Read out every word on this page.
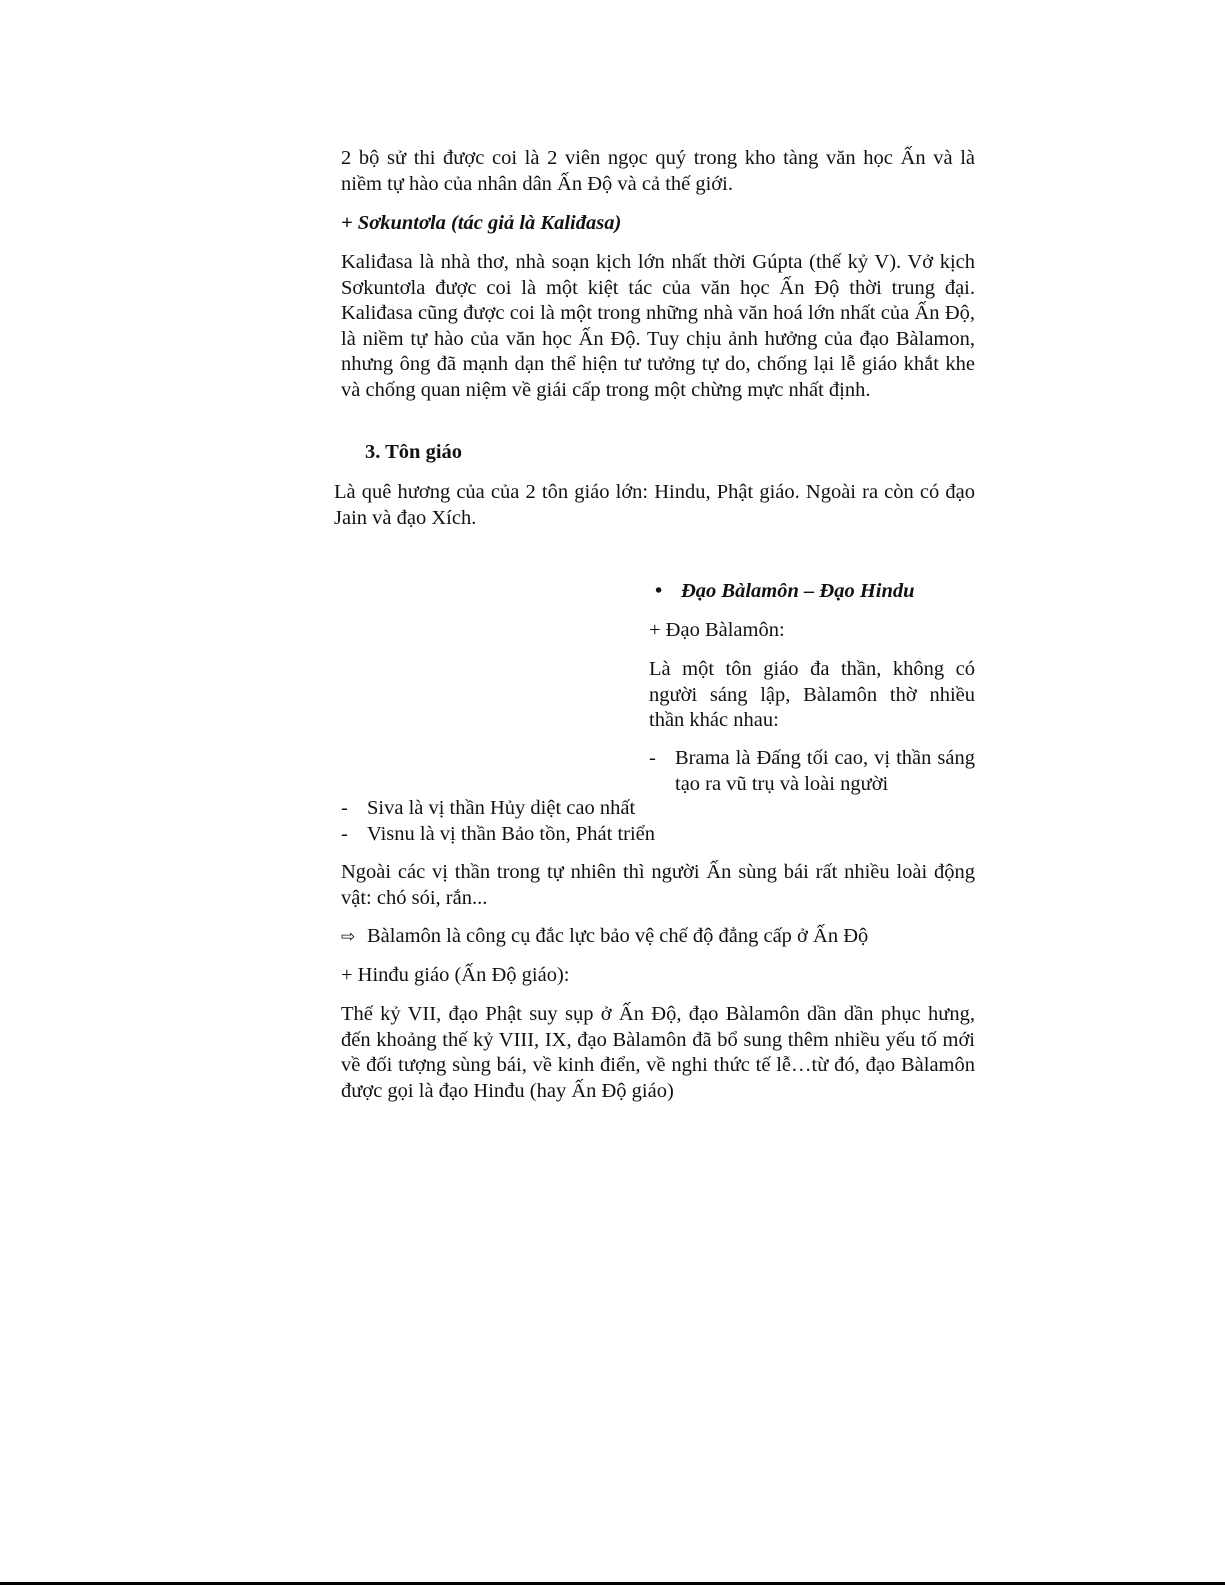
2 bộ sử thi được coi là 2 viên ngọc quý trong kho tàng văn học Ấn và là niềm tự hào của nhân dân Ấn Độ và cả thế giới.

+ Sơkuntơla (tác giả là Kaliđasa)

Kaliđasa là nhà thơ, nhà soạn kịch lớn nhất thời Gúpta (thế kỷ V). Vở kịch Sơkuntơla được coi là một kiệt tác của văn học Ấn Độ thời trung đại. Kaliđasa cũng được coi là một trong những nhà văn hoá lớn nhất của Ấn Độ, là niềm tự hào của văn học Ấn Độ. Tuy chịu ảnh hưởng của đạo Bàlamon, nhưng ông đã mạnh dạn thể hiện tư tưởng tự do, chống lại lễ giáo khắt khe và chống quan niệm về giái cấp trong một chừng mực nhất định.

3. Tôn giáo

Là quê hương của của 2 tôn giáo lớn: Hindu, Phật giáo. Ngoài ra còn có đạo Jain và đạo Xích.

• Đạo Bàlamôn – Đạo Hindu

+ Đạo Bàlamôn:

Là một tôn giáo đa thần, không có người sáng lập, Bàlamôn thờ nhiều thần khác nhau:

- Brama là Đấng tối cao, vị thần sáng tạo ra vũ trụ và loài người

- Siva là vị thần Hủy diệt cao nhất

- Visnu là vị thần Bảo tồn, Phát triển

Ngoài các vị thần trong tự nhiên thì người Ấn sùng bái rất nhiều loài động vật: chó sói, rắn...

⇨ Bàlamôn là công cụ đắc lực bảo vệ chế độ đẳng cấp ở Ấn Độ

+ Hinđu giáo (Ấn Độ giáo):

Thế kỷ VII, đạo Phật suy sụp ở Ấn Độ, đạo Bàlamôn dần dần phục hưng, đến khoảng thế kỷ VIII, IX, đạo Bàlamôn đã bổ sung thêm nhiều yếu tố mới về đối tượng sùng bái, về kinh điển, về nghi thức tế lễ…từ đó, đạo Bàlamôn được gọi là đạo Hinđu (hay Ấn Độ giáo)
